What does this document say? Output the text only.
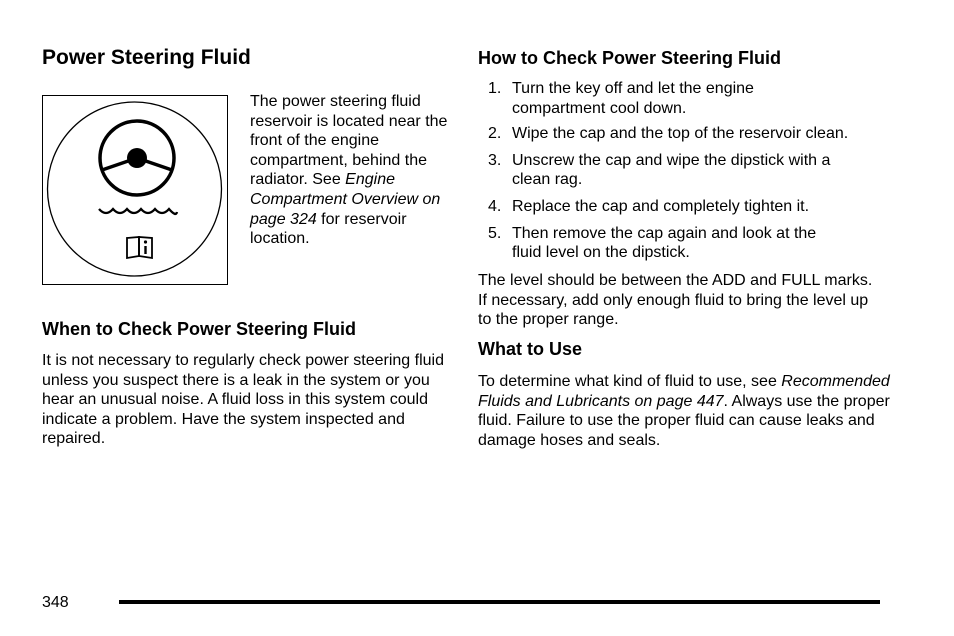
Power Steering Fluid

The power steering fluid reservoir is located near the front of the engine compartment, behind the radiator. See Engine Compartment Overview on page 324 for reservoir location.

When to Check Power Steering Fluid

It is not necessary to regularly check power steering fluid unless you suspect there is a leak in the system or you hear an unusual noise. A fluid loss in this system could indicate a problem. Have the system inspected and repaired.

How to Check Power Steering Fluid
1. Turn the key off and let the engine compartment cool down.
2. Wipe the cap and the top of the reservoir clean.
3. Unscrew the cap and wipe the dipstick with a clean rag.
4. Replace the cap and completely tighten it.
5. Then remove the cap again and look at the fluid level on the dipstick.

The level should be between the ADD and FULL marks. If necessary, add only enough fluid to bring the level up to the proper range.

What to Use

To determine what kind of fluid to use, see Recommended Fluids and Lubricants on page 447. Always use the proper fluid. Failure to use the proper fluid can cause leaks and damage hoses and seals.

348
